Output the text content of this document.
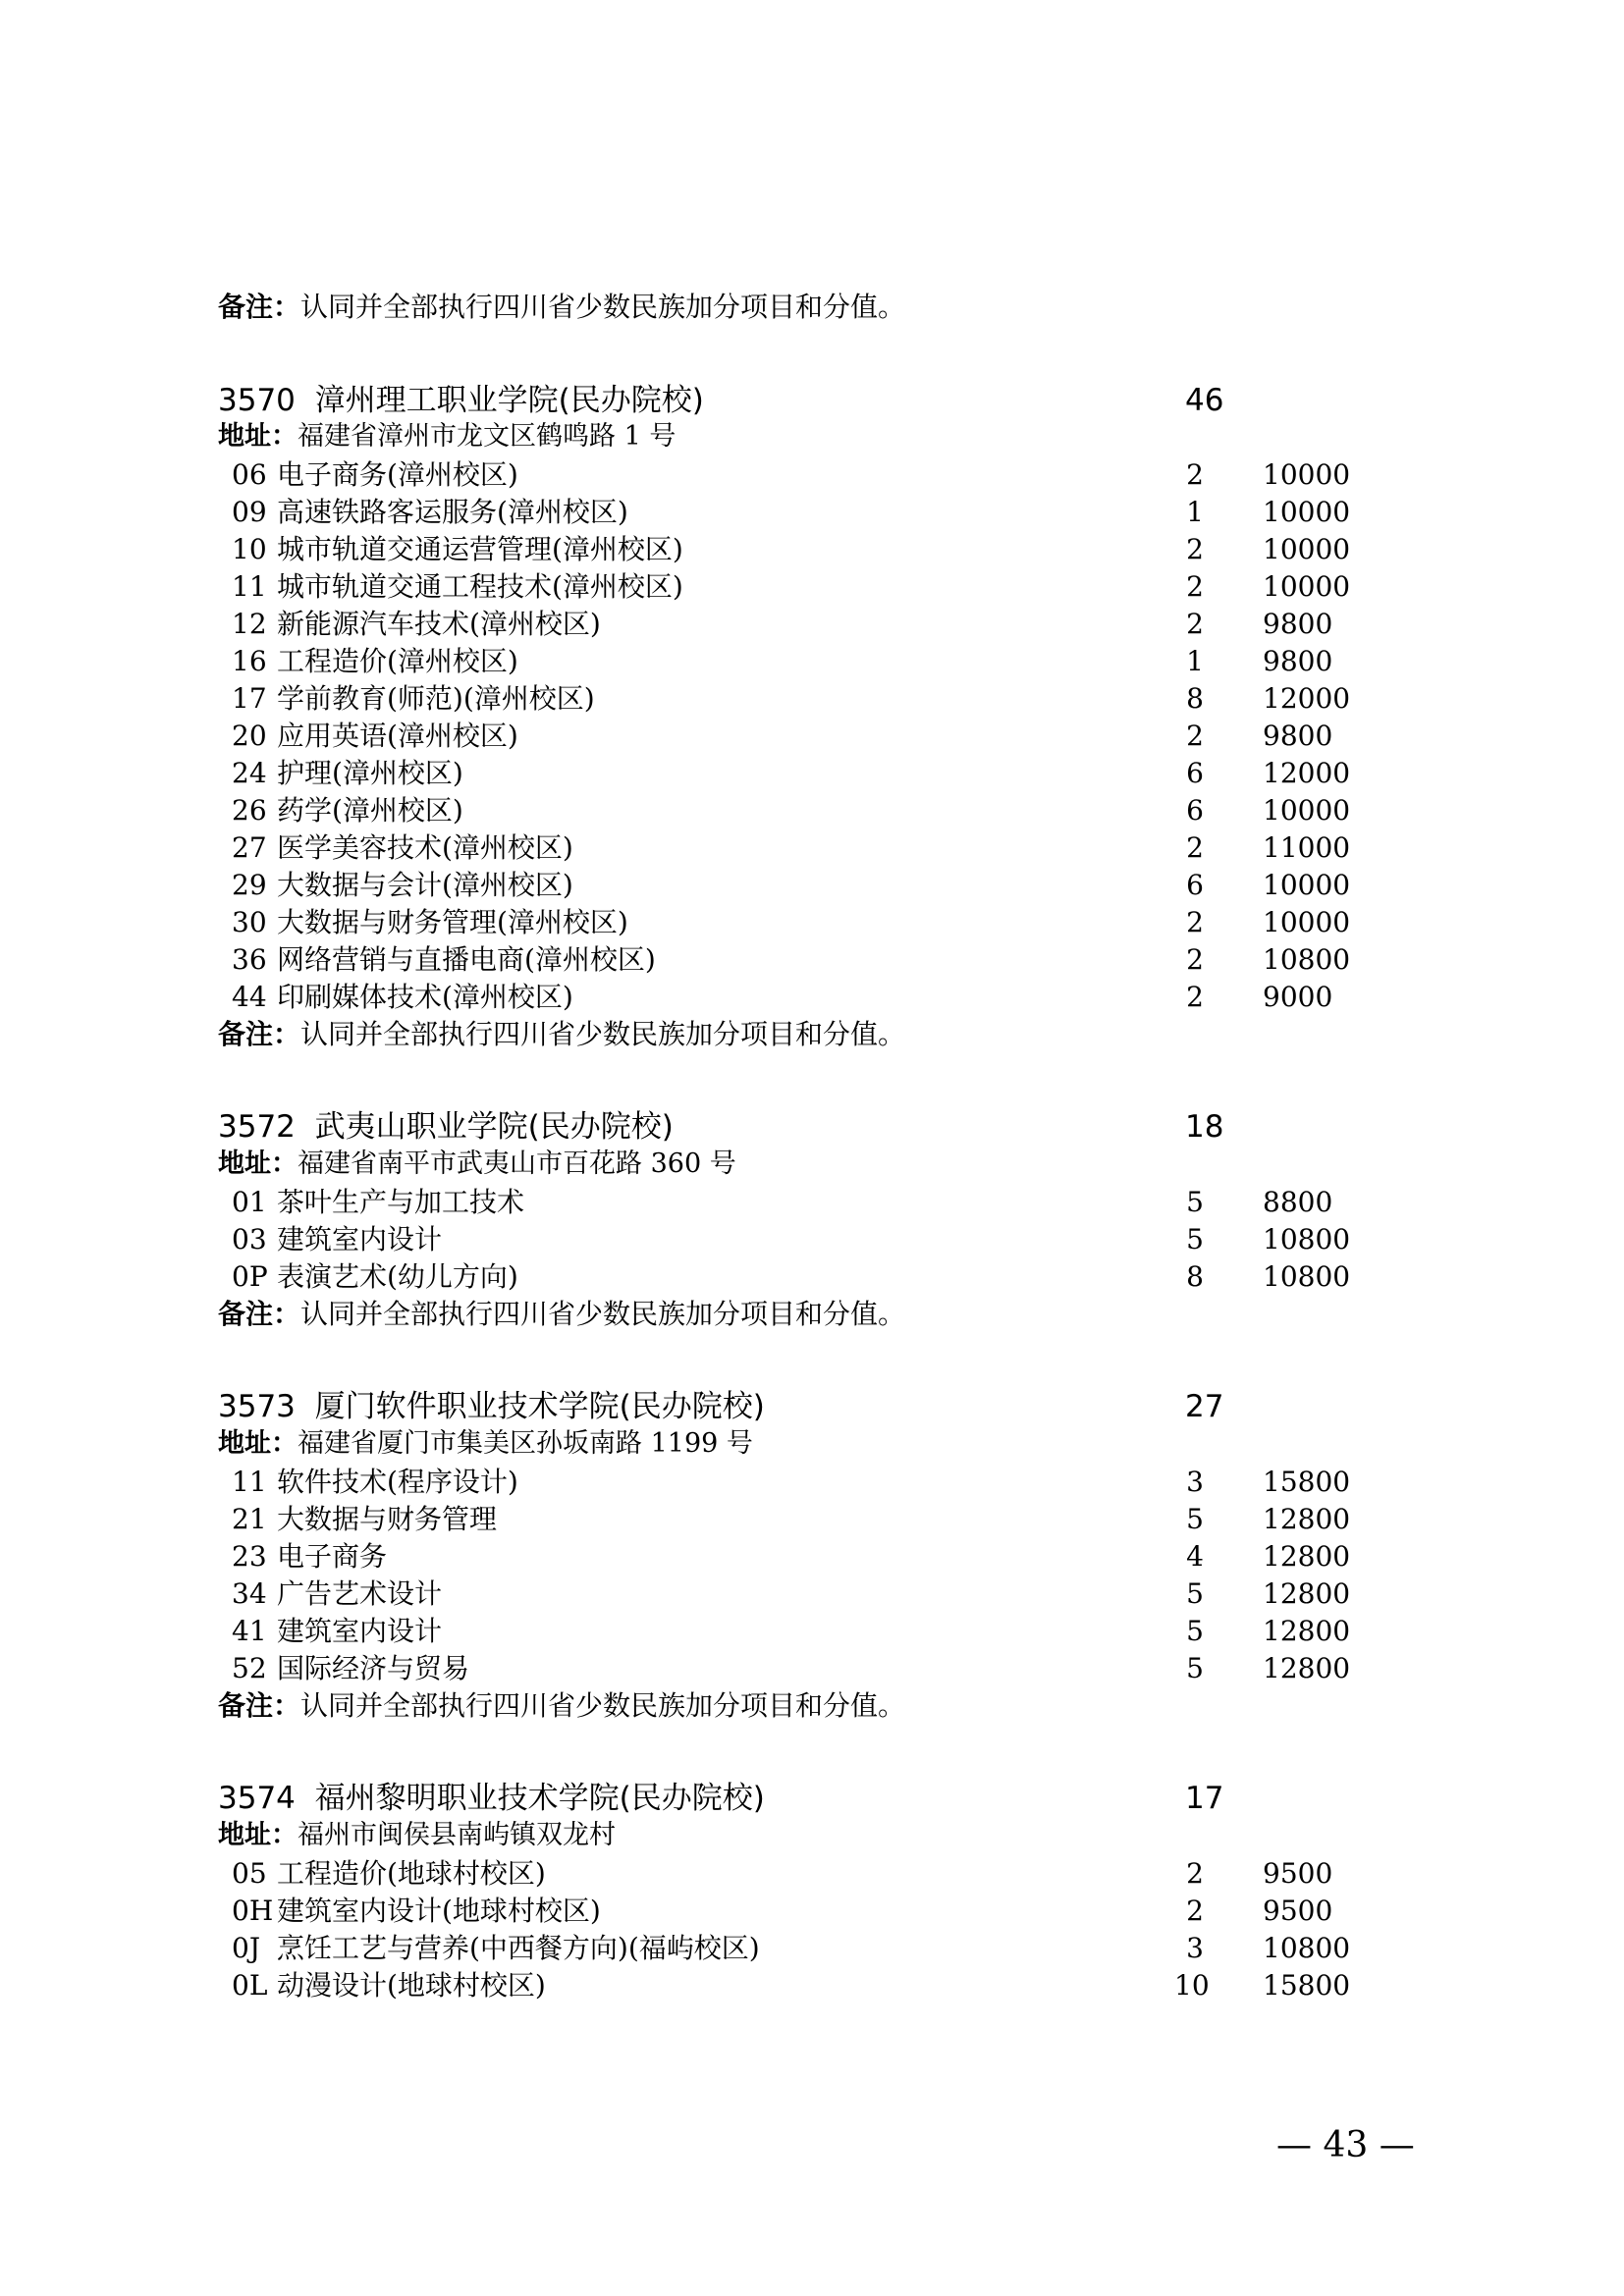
备注：认同并全部执行四川省少数民族加分项目和分值。
3570 漳州理工职业学院(民办院校)	46
地址：福建省漳州市龙文区鹤鸣路 1 号
06 电子商务(漳州校区)	2 10000
09 高速铁路客运服务(漳州校区)	1 10000
10 城市轨道交通运营管理(漳州校区)	2 10000
11 城市轨道交通工程技术(漳州校区)	2 10000
12 新能源汽车技术(漳州校区)	2 9800
16 工程造价(漳州校区)	1 9800
17 学前教育(师范)(漳州校区)	8 12000
20 应用英语(漳州校区)	2 9800
24 护理(漳州校区)	6 12000
26 药学(漳州校区)	6 10000
27 医学美容技术(漳州校区)	2 11000
29 大数据与会计(漳州校区)	6 10000
30 大数据与财务管理(漳州校区)	2 10000
36 网络营销与直播电商(漳州校区)	2 10800
44 印刷媒体技术(漳州校区)	2 9000
备注：认同并全部执行四川省少数民族加分项目和分值。
3572 武夷山职业学院(民办院校)	18
地址：福建省南平市武夷山市百花路 360 号
01 茶叶生产与加工技术	5 8800
03 建筑室内设计	5 10800
0P 表演艺术(幼儿方向)	8 10800
备注：认同并全部执行四川省少数民族加分项目和分值。
3573 厦门软件职业技术学院(民办院校)	27
地址：福建省厦门市集美区孙坂南路 1199 号
11 软件技术(程序设计)	3 15800
21 大数据与财务管理	5 12800
23 电子商务	4 12800
34 广告艺术设计	5 12800
41 建筑室内设计	5 12800
52 国际经济与贸易	5 12800
备注：认同并全部执行四川省少数民族加分项目和分值。
3574 福州黎明职业技术学院(民办院校)	17
地址：福州市闽侯县南屿镇双龙村
05 工程造价(地球村校区)	2 9500
0H 建筑室内设计(地球村校区)	2 9500
0J 烹饪工艺与营养(中西餐方向)(福屿校区)	3 10800
0L 动漫设计(地球村校区)	10 15800
— 43 —
